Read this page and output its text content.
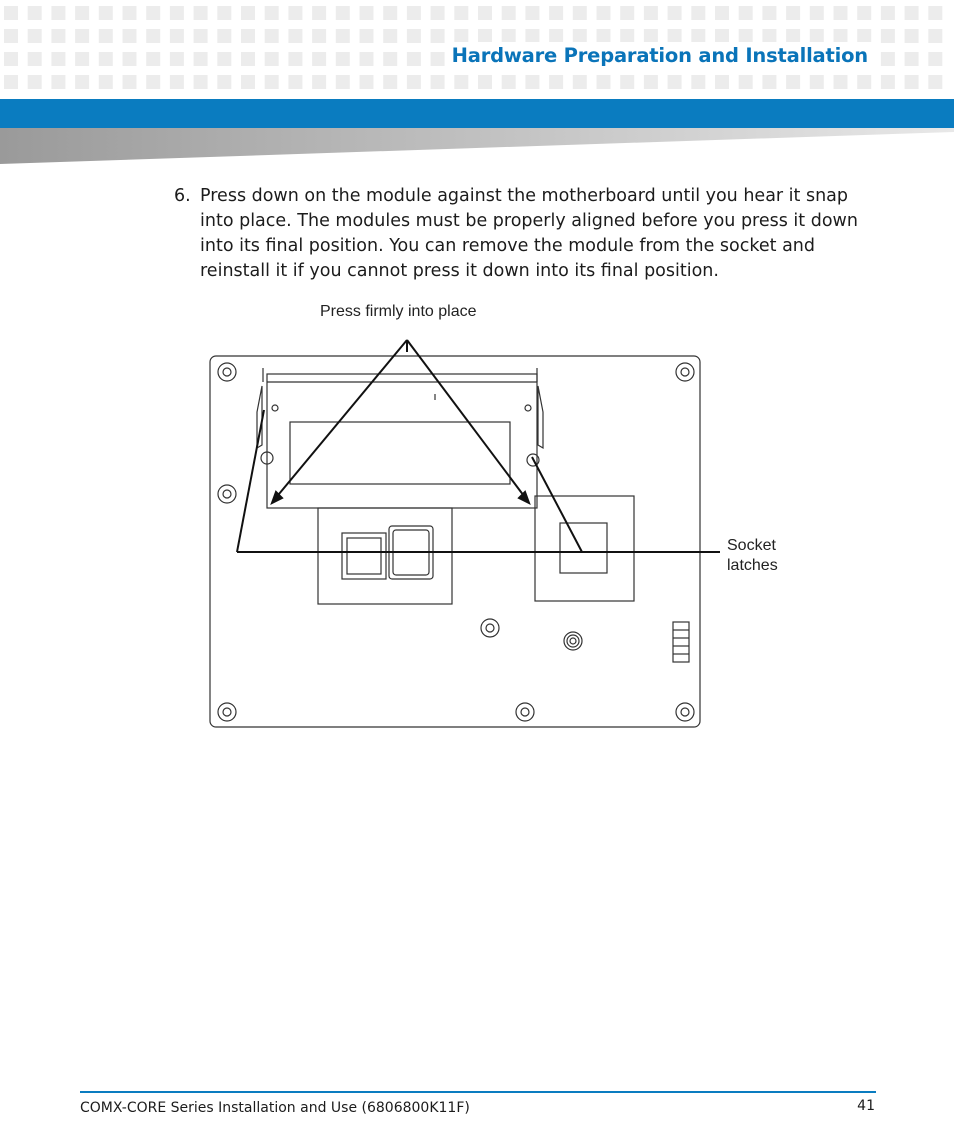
Hardware Preparation and Installation
6. Press down on the module against the motherboard until you hear it snap into place. The modules must be properly aligned before you press it down into its final position. You can remove the module from the socket and reinstall it if you cannot press it down into its final position.
Press firmly into place
Socket
latches
COMX-CORE Series Installation and Use (6806800K11F)	41
